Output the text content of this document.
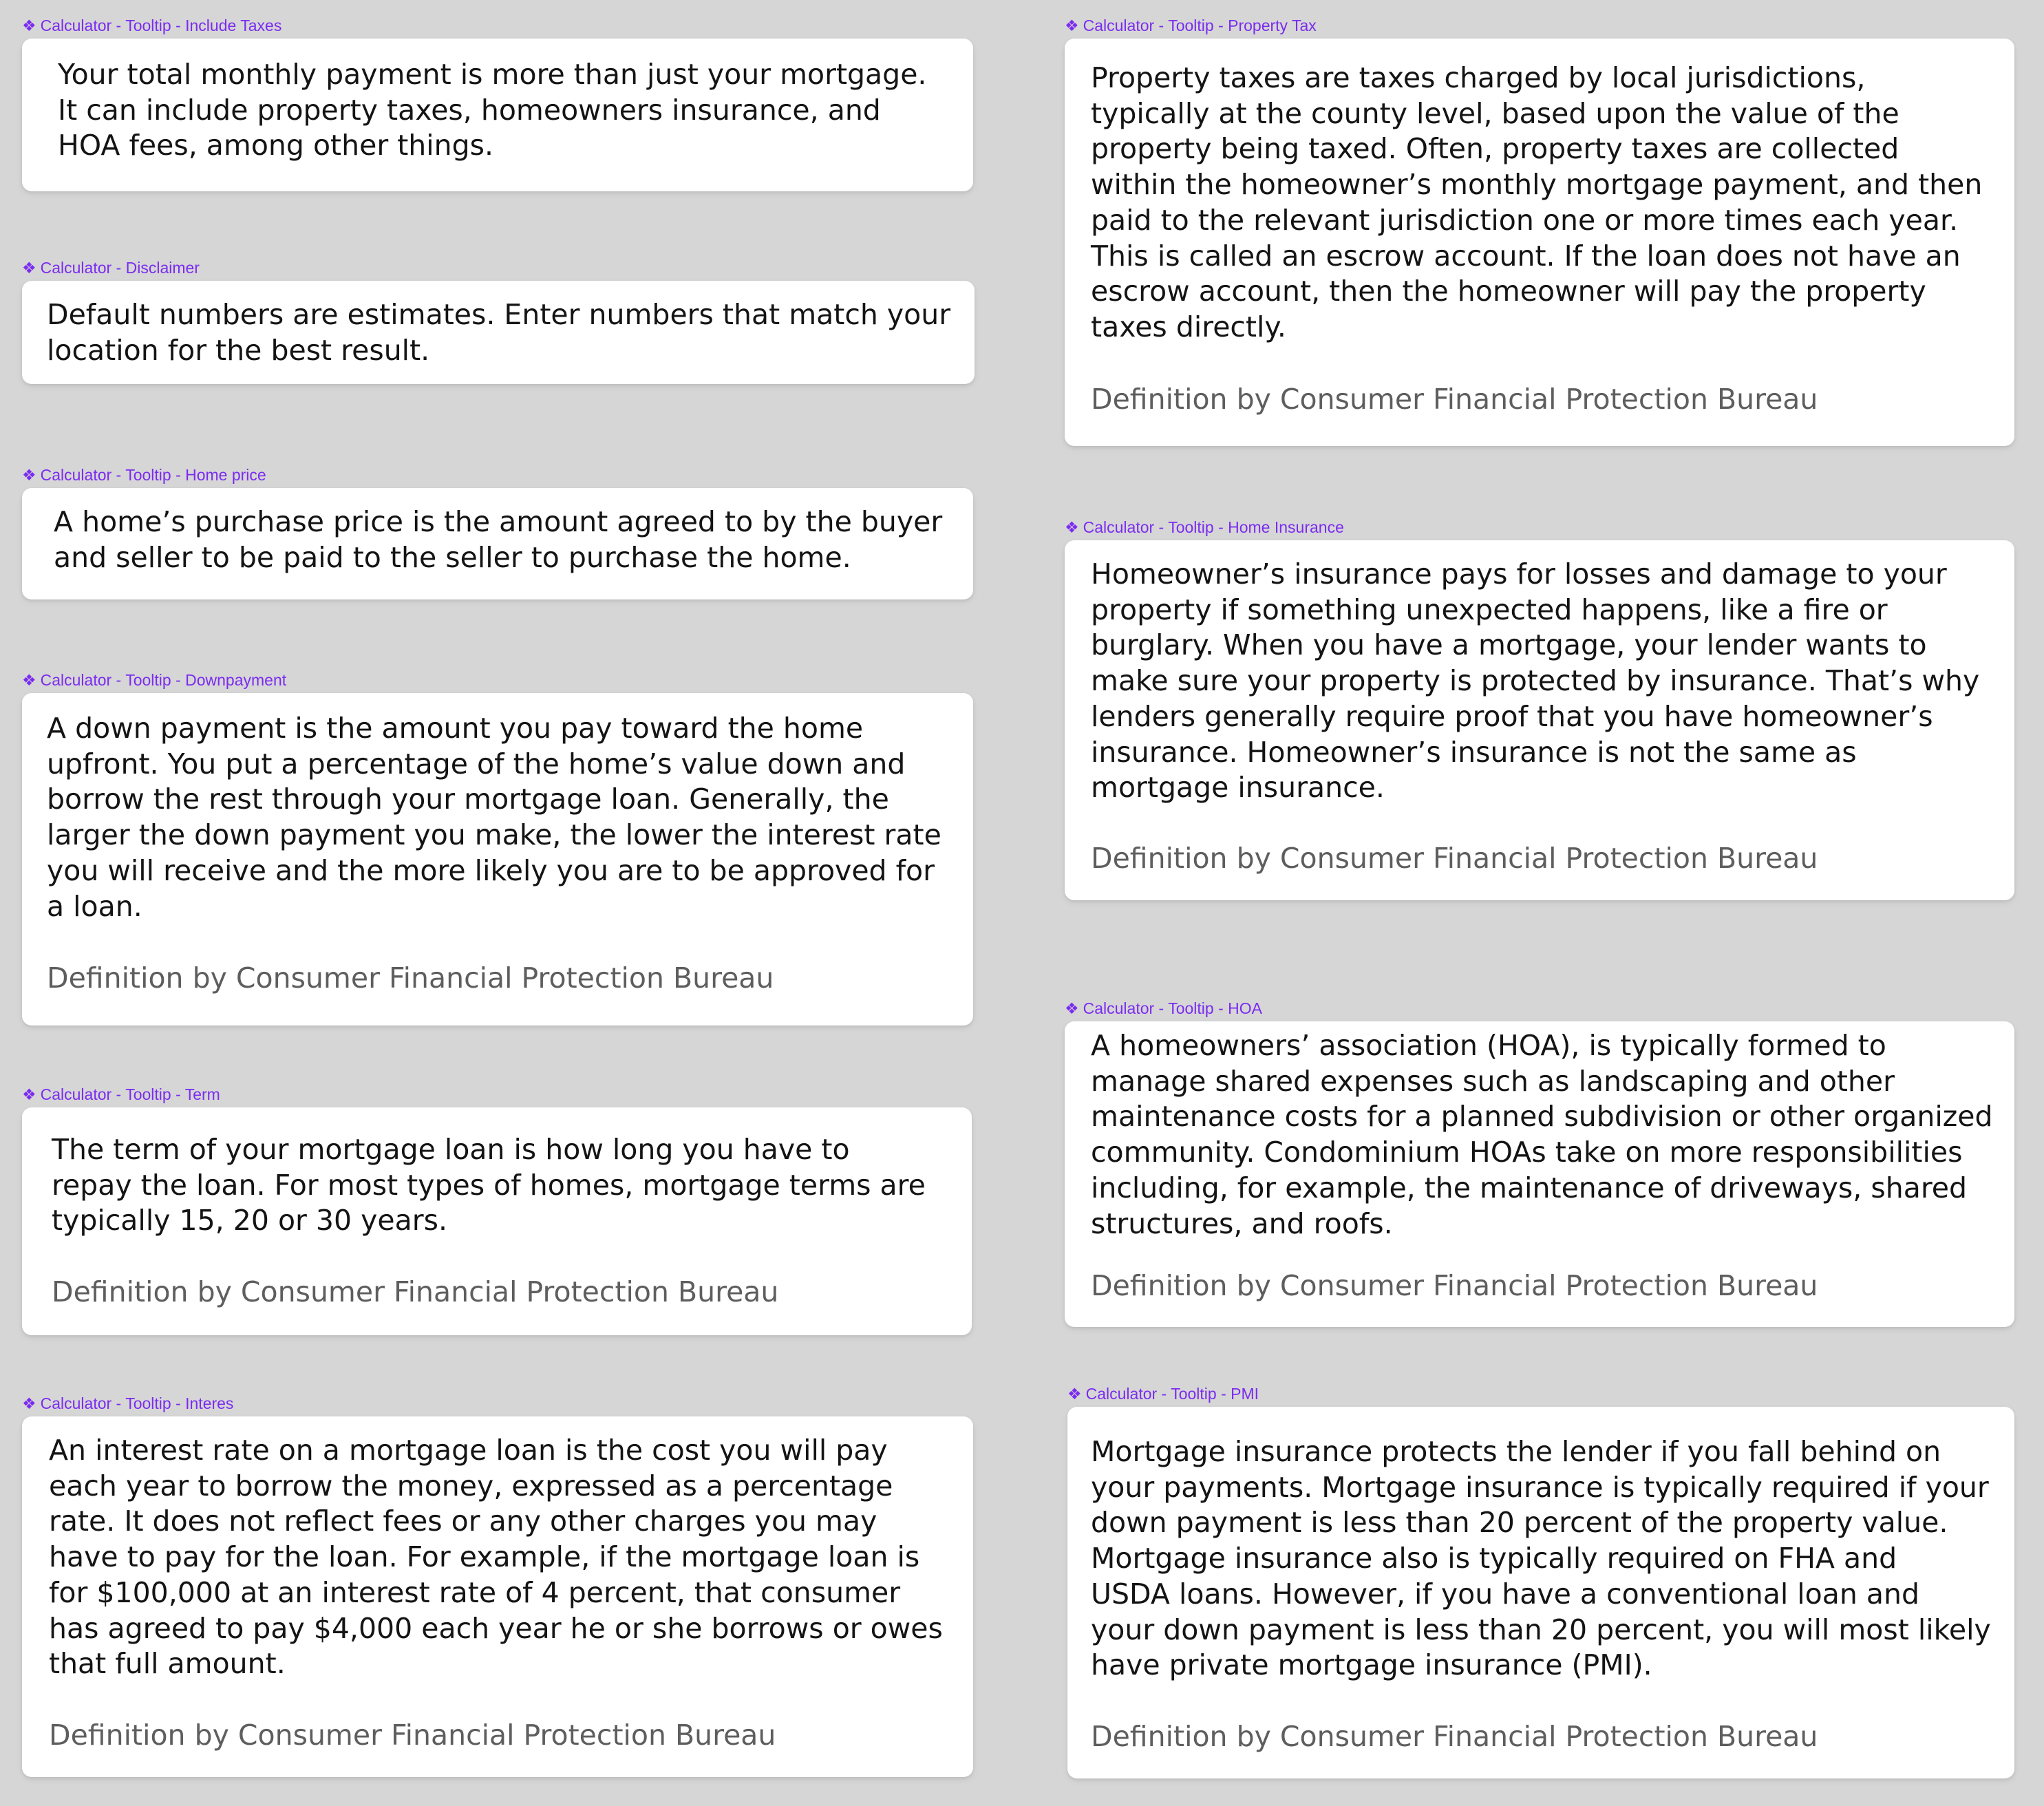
❖ Calculator - Tooltip - Include Taxes

Your total monthly payment is more than just your mortgage.
It can include property taxes, homeowners insurance, and
HOA fees, among other things.

❖ Calculator - Disclaimer

Default numbers are estimates. Enter numbers that match your
location for the best result.

❖ Calculator - Tooltip - Home price

A home’s purchase price is the amount agreed to by the buyer
and seller to be paid to the seller to purchase the home.

❖ Calculator - Tooltip - Downpayment

A down payment is the amount you pay toward the home
upfront. You put a percentage of the home’s value down and
borrow the rest through your mortgage loan. Generally, the
larger the down payment you make, the lower the interest rate
you will receive and the more likely you are to be approved for
a loan.

Definition by Consumer Financial Protection Bureau

❖ Calculator - Tooltip - Term

The term of your mortgage loan is how long you have to
repay the loan. For most types of homes, mortgage terms are
typically 15, 20 or 30 years.

Definition by Consumer Financial Protection Bureau

❖ Calculator - Tooltip - Interes

An interest rate on a mortgage loan is the cost you will pay
each year to borrow the money, expressed as a percentage
rate. It does not reflect fees or any other charges you may
have to pay for the loan. For example, if the mortgage loan is
for $100,000 at an interest rate of 4 percent, that consumer
has agreed to pay $4,000 each year he or she borrows or owes
that full amount.

Definition by Consumer Financial Protection Bureau

❖ Calculator - Tooltip - Property Tax

Property taxes are taxes charged by local jurisdictions,
typically at the county level, based upon the value of the
property being taxed. Often, property taxes are collected
within the homeowner’s monthly mortgage payment, and then
paid to the relevant jurisdiction one or more times each year.
This is called an escrow account. If the loan does not have an
escrow account, then the homeowner will pay the property
taxes directly.

Definition by Consumer Financial Protection Bureau

❖ Calculator - Tooltip - Home Insurance

Homeowner’s insurance pays for losses and damage to your
property if something unexpected happens, like a fire or
burglary. When you have a mortgage, your lender wants to
make sure your property is protected by insurance. That’s why
lenders generally require proof that you have homeowner’s
insurance. Homeowner’s insurance is not the same as
mortgage insurance.

Definition by Consumer Financial Protection Bureau

❖ Calculator - Tooltip - HOA

A homeowners’ association (HOA), is typically formed to
manage shared expenses such as landscaping and other
maintenance costs for a planned subdivision or other organized
community. Condominium HOAs take on more responsibilities
including, for example, the maintenance of driveways, shared
structures, and roofs.

Definition by Consumer Financial Protection Bureau

❖ Calculator - Tooltip - PMI

Mortgage insurance protects the lender if you fall behind on
your payments. Mortgage insurance is typically required if your
down payment is less than 20 percent of the property value.
Mortgage insurance also is typically required on FHA and
USDA loans. However, if you have a conventional loan and
your down payment is less than 20 percent, you will most likely
have private mortgage insurance (PMI).

Definition by Consumer Financial Protection Bureau
